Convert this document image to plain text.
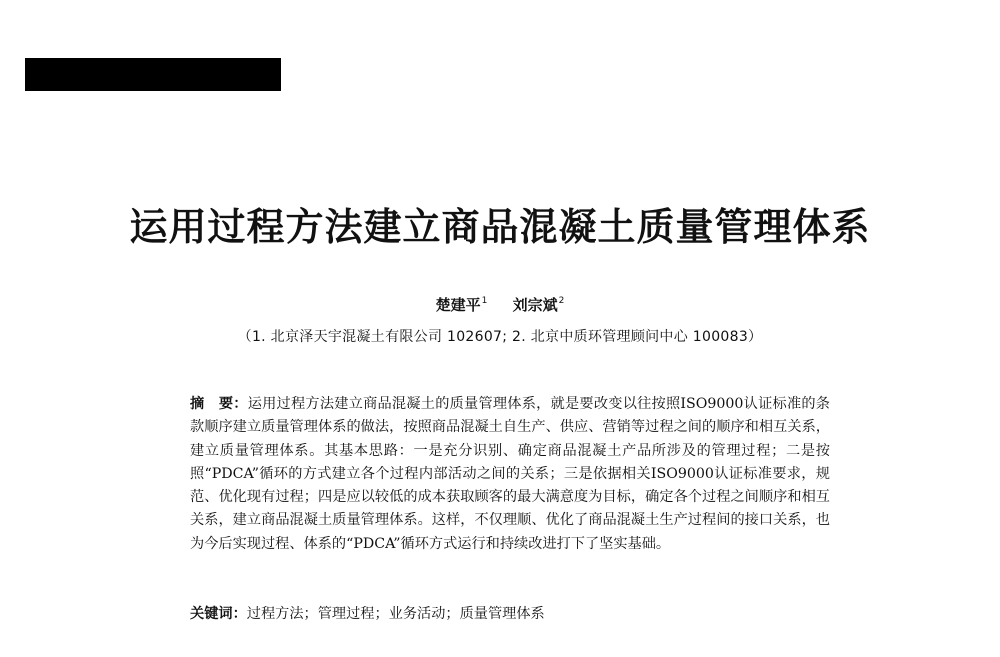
运用过程方法建立商品混凝土质量管理体系
楚建平$^1$ 刘宗斌$^2$
（1. 北京泽天宇混凝土有限公司 102607; 2. 北京中质环管理顾问中心 100083）

摘　要：运用过程方法建立商品混凝土的质量管理体系，就是要改变以往按照ISO9000认证标准的条款顺序建立质量管理体系的做法，按照商品混凝土自生产、供应、营销等过程之间的顺序和相互关系，建立质量管理体系。其基本思路：一是充分识别、确定商品混凝土产品所涉及的管理过程；二是按照“PDCA”循环的方式建立各个过程内部活动之间的关系；三是依据相关ISO9000认证标准要求，规范、优化现有过程；四是应以较低的成本获取顾客的最大满意度为目标，确定各个过程之间顺序和相互关系，建立商品混凝土质量管理体系。这样，不仅理顺、优化了商品混凝土生产过程间的接口关系，也为今后实现过程、体系的“PDCA”循环方式运行和持续改进打下了坚实基础。

关键词：过程方法；管理过程；业务活动；质量管理体系
